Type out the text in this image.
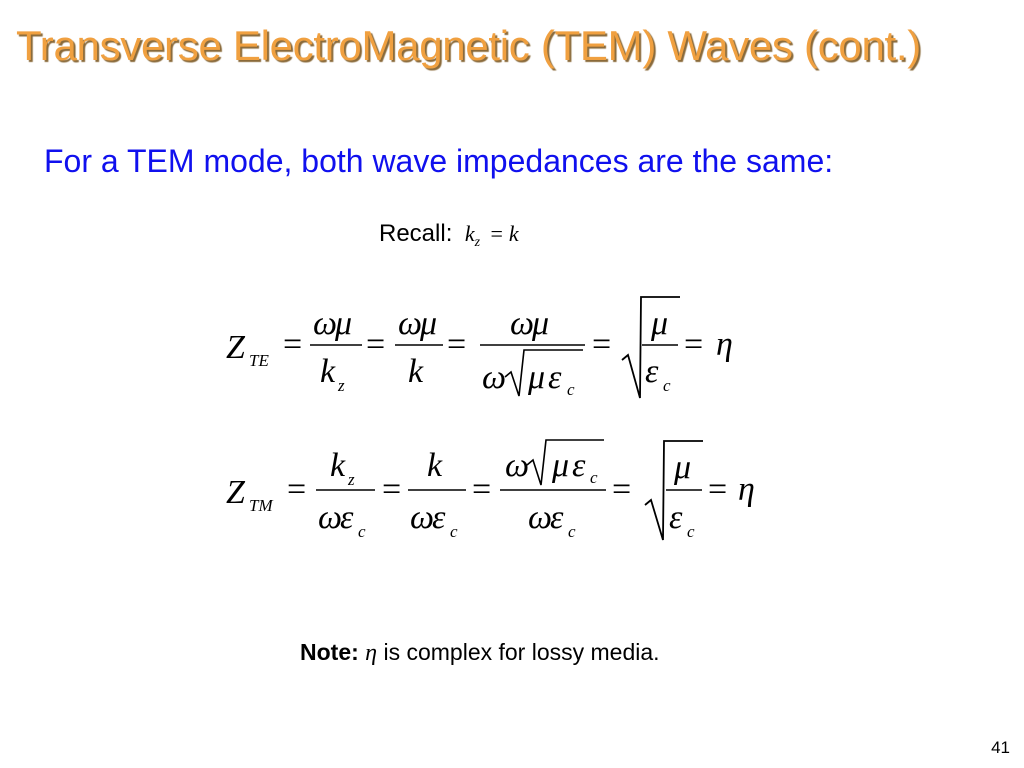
Transverse ElectroMagnetic (TEM) Waves (cont.)
For a TEM mode, both wave impedances are the same:
Recall: kz = k
Z TE =
ω
μ
k z
=
ω
μ
k
=
ω
μ
ω μ ε c
=
μ
ε c
= η
Z TM =
k z
ω
ε c
=
k
ω
ε c
=
ω μ ε c
ω
ε c
=
μ
ε c
= η
Note: η is complex for lossy media.
41
